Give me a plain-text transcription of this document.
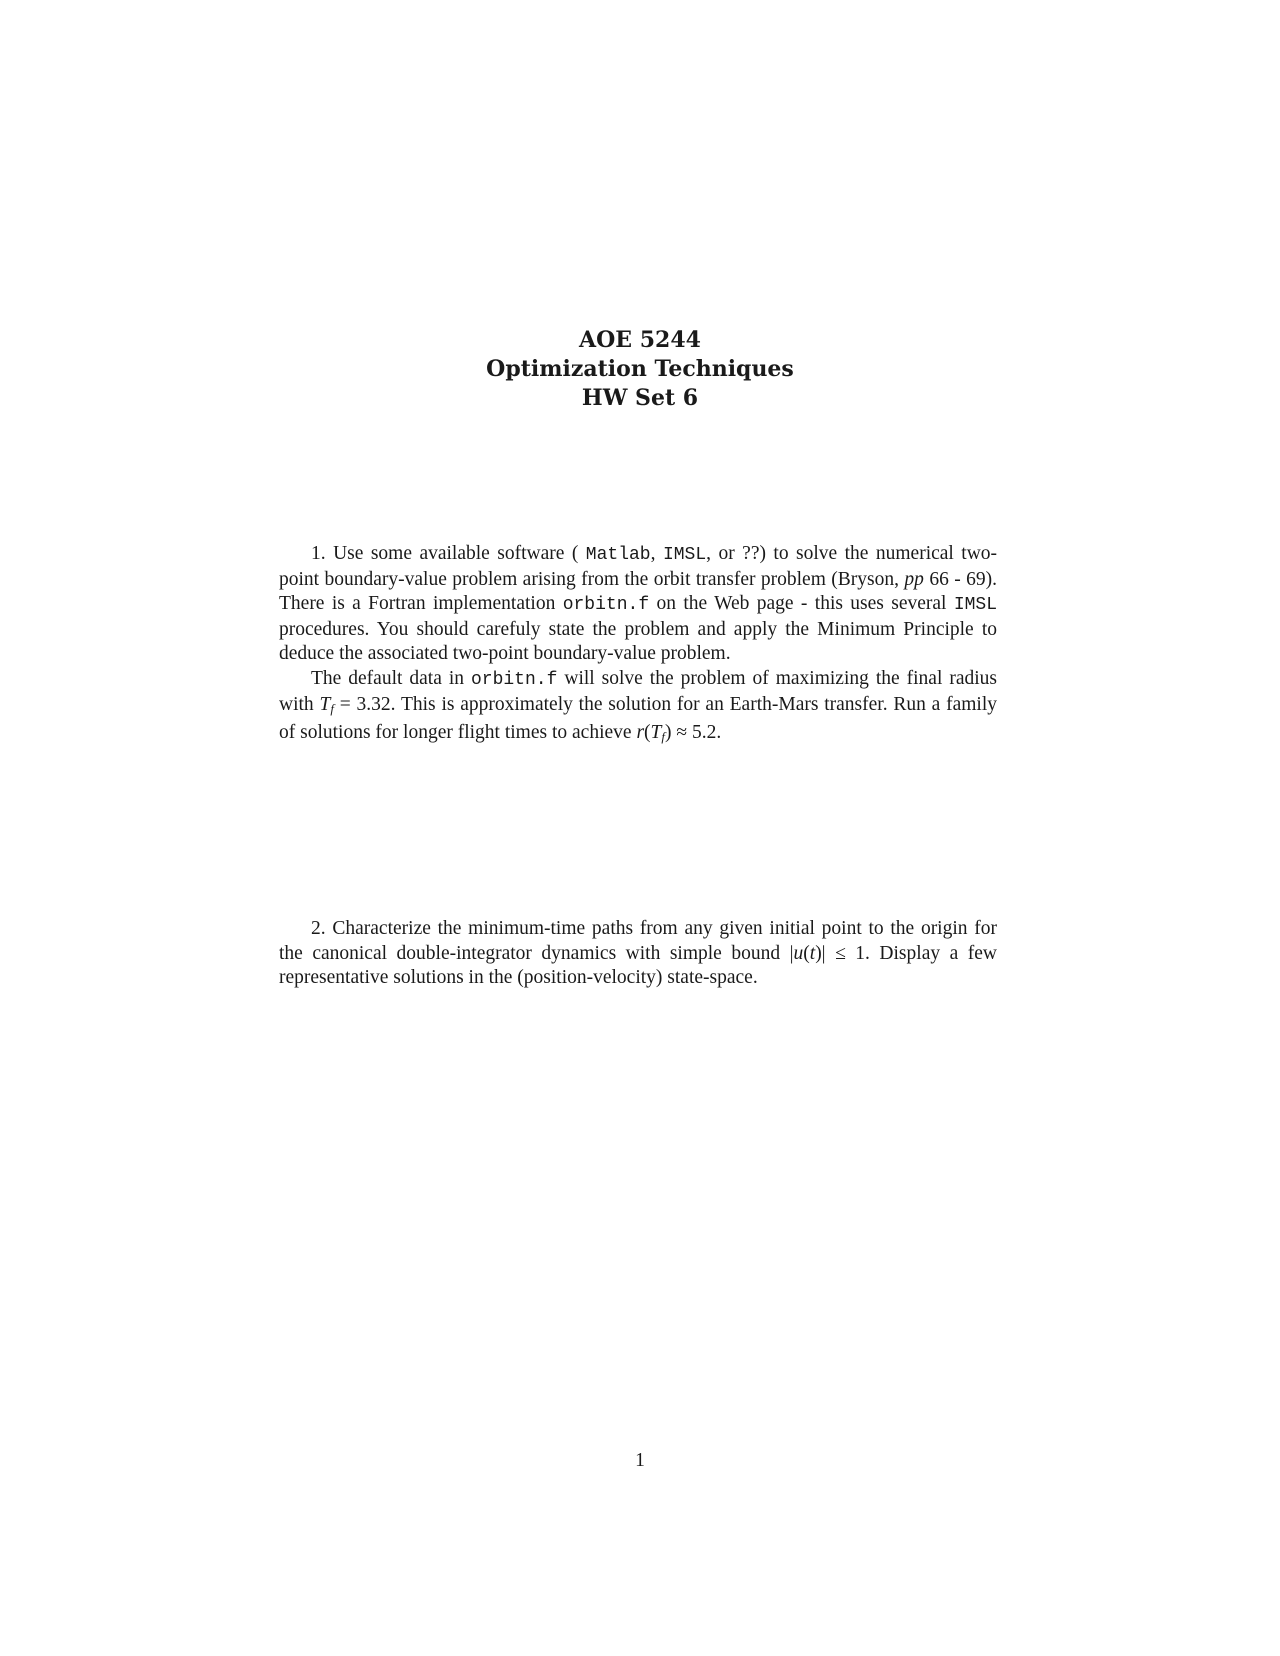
AOE 5244
Optimization Techniques
HW Set 6

1. Use some available software ( Matlab, IMSL, or ??) to solve the numerical two-point boundary-value problem arising from the orbit transfer problem (Bryson, pp 66 - 69). There is a Fortran implementation orbitn.f on the Web page - this uses several IMSL procedures. You should carefuly state the problem and apply the Minimum Principle to deduce the associated two-point boundary-value problem.

The default data in orbitn.f will solve the problem of maximizing the final radius with $T_f = 3.32$. This is approximately the solution for an Earth-Mars transfer. Run a family of solutions for longer flight times to achieve $r(T_f) \approx 5.2$.

2. Characterize the minimum-time paths from any given initial point to the origin for the canonical double-integrator dynamics with simple bound |u(t)| ≤ 1. Display a few representative solutions in the (position-velocity) state-space.

1
